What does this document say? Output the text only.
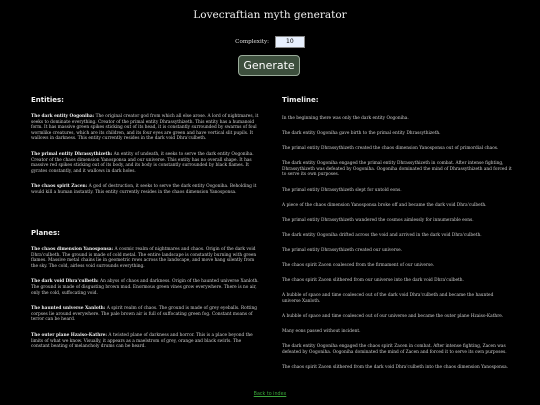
Lovecraftian myth generator
Complexity:	10
Generate
Entities:
The dark entity Oogoniha: The original creator god from which all else arose. A lord of nightmares, it seeks to dominate everything. Creator of the primal entity Dhrassythizeth. This entity has a humanoid form. It has massive green spikes sticking out of its head, it is constantly surrounded by swarms of foul wormlike creatures, which are its children, and its four eyes are green and have vertical slit pupils. It wallows in darkness. This entity currently resides in the dark void Dhra'culbeth.
The primal entity Dhrassythizeth: An entity of undeath, it seeks to serve the dark entity Oogoniha. Creator of the chaos dimension Yanosponsa and our universe. This entity has no overall shape. It has massive red spikes sticking out of its body, and its body is constantly surrounded by black flames. It gyrates constantly, and it wallows in dark holes.
The chaos spirit Zacen: A god of destruction, it seeks to serve the dark entity Oogoniha. Beholding it would kill a human instantly. This entity currently resides in the chaos dimension Yanosponsa.
Planes:
The chaos dimension Yanosponsa: A cosmic realm of nightmares and chaos. Origin of the dark void Dhra'culbeth. The ground is made of cold metal. The entire landscape is constantly burning with green flames. Massive metal chains lie in geometric rows across the landscape, and move hang silently from the sky. The cold, airless void surrounds everything.
The dark void Dhra'culbeth: An abyss of chaos and darkness. Origin of the haunted universe Xanloth. The ground is made of disgusting brown mud. Enormous green vines grow everywhere. There is no air, only the cold, suffocating void.
The haunted universe Xanloth: A spirit realm of chaos. The ground is made of grey eyeballs. Rotting corpses lie around everywhere. The pale brown air is full of suffocating green fog. Constant moans of terror can be heard.
The outer plane Hzaiso-Kathre: A twisted plane of darkness and horror. This is a place beyond the limits of what we know. Visually, it appears as a maelstrom of grey, orange and black swirls. The constant beating of melancholy drums can be heard.
Timeline:
In the beginning there was only the dark entity Oogoniha.
The dark entity Oogoniha gave birth to the primal entity Dhrassythizeth.
The primal entity Dhrassythizeth created the chaos dimension Yanosponsa out of primordial chaos.
The dark entity Oogoniha engaged the primal entity Dhrassythizeth in combat. After intense fighting, Dhrassythizeth was defeated by Oogoniha. Oogoniha dominated the mind of Dhrassythizeth and forced it to serve its own purposes.
The primal entity Dhrassythizeth slept for untold eons.
A piece of the chaos dimension Yanosponsa broke off and became the dark void Dhra'culbeth.
The primal entity Dhrassythizeth wandered the cosmos aimlessly for innumerable eons.
The dark entity Oogoniha drifted across the void and arrived in the dark void Dhra'culbeth.
The primal entity Dhrassythizeth created our universe.
The chaos spirit Zacen coalesced from the firmament of our universe.
The chaos spirit Zacen slithered from our universe into the dark void Dhra'culbeth.
A bubble of space and time coalesced out of the dark void Dhra'culbeth and became the haunted universe Xanloth.
A bubble of space and time coalesced out of our universe and became the outer plane Hzaiso-Kathre.
Many eons passed without incident.
The dark entity Oogoniha engaged the chaos spirit Zacen in combat. After intense fighting, Zacen was defeated by Oogoniha. Oogoniha dominated the mind of Zacen and forced it to serve its own purposes.
The chaos spirit Zacen slithered from the dark void Dhra'culbeth into the chaos dimension Yanosponsa.
Back to index
